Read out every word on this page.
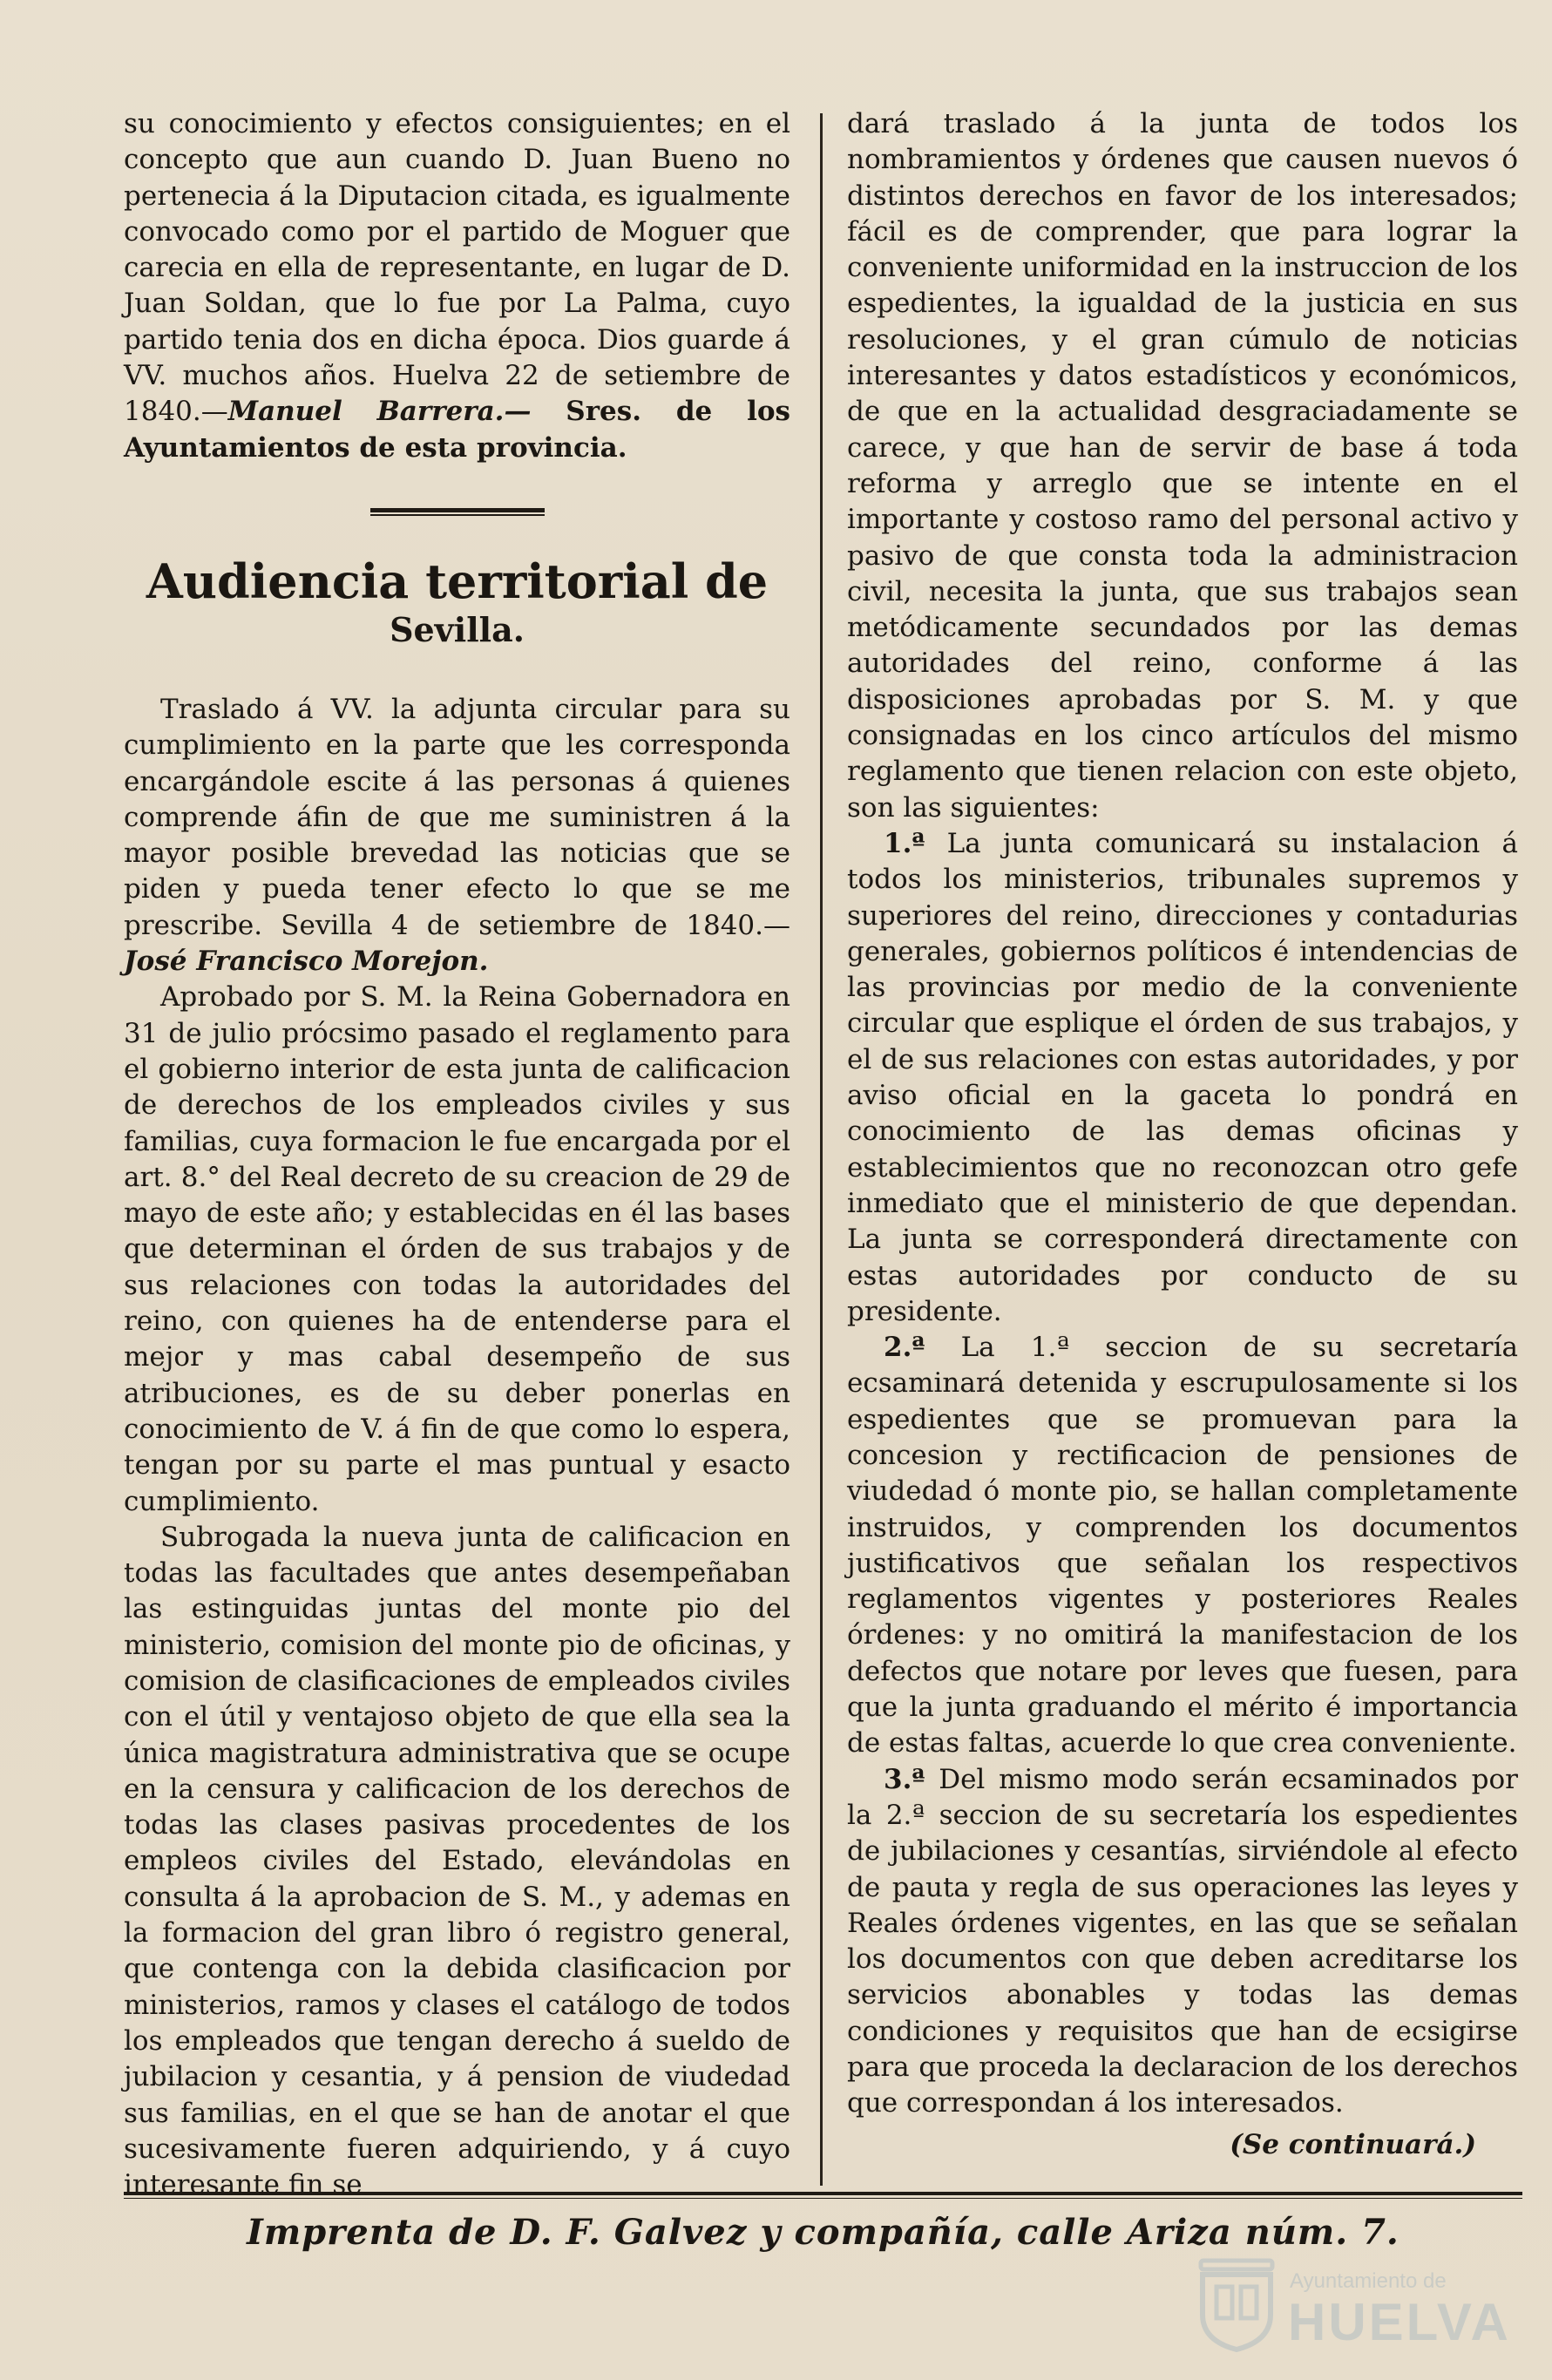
su conocimiento y efectos consiguientes; en el concepto que aun cuando D. Juan Bueno no pertenecia á la Diputacion citada, es igualmente convocado como por el partido de Moguer que carecia en ella de representante, en lugar de D. Juan Soldan, que lo fue por La Palma, cuyo partido tenia dos en dicha época. Dios guarde á VV. muchos años. Huelva 22 de setiembre de 1840.—Manuel Barrera.— Sres. de los Ayuntamientos de esta provincia.

Audiencia territorial de
Sevilla.

Traslado á VV. la adjunta circular para su cumplimiento en la parte que les corresponda encargándole escite á las personas á quienes comprende áfin de que me suministren á la mayor posible brevedad las noticias que se piden y pueda tener efecto lo que se me prescribe. Sevilla 4 de setiembre de 1840.—José Francisco Morejon.

Aprobado por S. M. la Reina Gobernadora en 31 de julio prócsimo pasado el reglamento para el gobierno interior de esta junta de calificacion de derechos de los empleados civiles y sus familias, cuya formacion le fue encargada por el art. 8.° del Real decreto de su creacion de 29 de mayo de este año; y establecidas en él las bases que determinan el órden de sus trabajos y de sus relaciones con todas la autoridades del reino, con quienes ha de entenderse para el mejor y mas cabal desempeño de sus atribuciones, es de su deber ponerlas en conocimiento de V. á fin de que como lo espera, tengan por su parte el mas puntual y esacto cumplimiento.

Subrogada la nueva junta de calificacion en todas las facultades que antes desempeñaban las estinguidas juntas del monte pio del ministerio, comision del monte pio de oficinas, y comision de clasificaciones de empleados civiles con el útil y ventajoso objeto de que ella sea la única magistratura administrativa que se ocupe en la censura y calificacion de los derechos de todas las clases pasivas procedentes de los empleos civiles del Estado, elevándolas en consulta á la aprobacion de S. M., y ademas en la formacion del gran libro ó registro general, que contenga con la debida clasificacion por ministerios, ramos y clases el catálogo de todos los empleados que tengan derecho á sueldo de jubilacion y cesantia, y á pension de viudedad sus familias, en el que se han de anotar el que sucesivamente fueren adquiriendo, y á cuyo interesante fin se

dará traslado á la junta de todos los nombramientos y órdenes que causen nuevos ó distintos derechos en favor de los interesados; fácil es de comprender, que para lograr la conveniente uniformidad en la instruccion de los espedientes, la igualdad de la justicia en sus resoluciones, y el gran cúmulo de noticias interesantes y datos estadísticos y económicos, de que en la actualidad desgraciadamente se carece, y que han de servir de base á toda reforma y arreglo que se intente en el importante y costoso ramo del personal activo y pasivo de que consta toda la administracion civil, necesita la junta, que sus trabajos sean metódicamente secundados por las demas autoridades del reino, conforme á las disposiciones aprobadas por S. M. y que consignadas en los cinco artículos del mismo reglamento que tienen relacion con este objeto, son las siguientes:

1.ª La junta comunicará su instalacion á todos los ministerios, tribunales supremos y superiores del reino, direcciones y contadurias generales, gobiernos políticos é intendencias de las provincias por medio de la conveniente circular que esplique el órden de sus trabajos, y el de sus relaciones con estas autoridades, y por aviso oficial en la gaceta lo pondrá en conocimiento de las demas oficinas y establecimientos que no reconozcan otro gefe inmediato que el ministerio de que dependan. La junta se corresponderá directamente con estas autoridades por conducto de su presidente.

2.ª La 1.ª seccion de su secretaría ecsaminará detenida y escrupulosamente si los espedientes que se promuevan para la concesion y rectificacion de pensiones de viudedad ó monte pio, se hallan completamente instruidos, y comprenden los documentos justificativos que señalan los respectivos reglamentos vigentes y posteriores Reales órdenes: y no omitirá la manifestacion de los defectos que notare por leves que fuesen, para que la junta graduando el mérito é importancia de estas faltas, acuerde lo que crea conveniente.

3.ª Del mismo modo serán ecsaminados por la 2.ª seccion de su secretaría los espedientes de jubilaciones y cesantías, sirviéndole al efecto de pauta y regla de sus operaciones las leyes y Reales órdenes vigentes, en las que se señalan los documentos con que deben acreditarse los servicios abonables y todas las demas condiciones y requisitos que han de ecsigirse para que proceda la declaracion de los derechos que correspondan á los interesados.

(Se continuará.)

Imprenta de D. F. Galvez y compañía, calle Ariza núm. 7.
Ayuntamiento de
HUELVA
